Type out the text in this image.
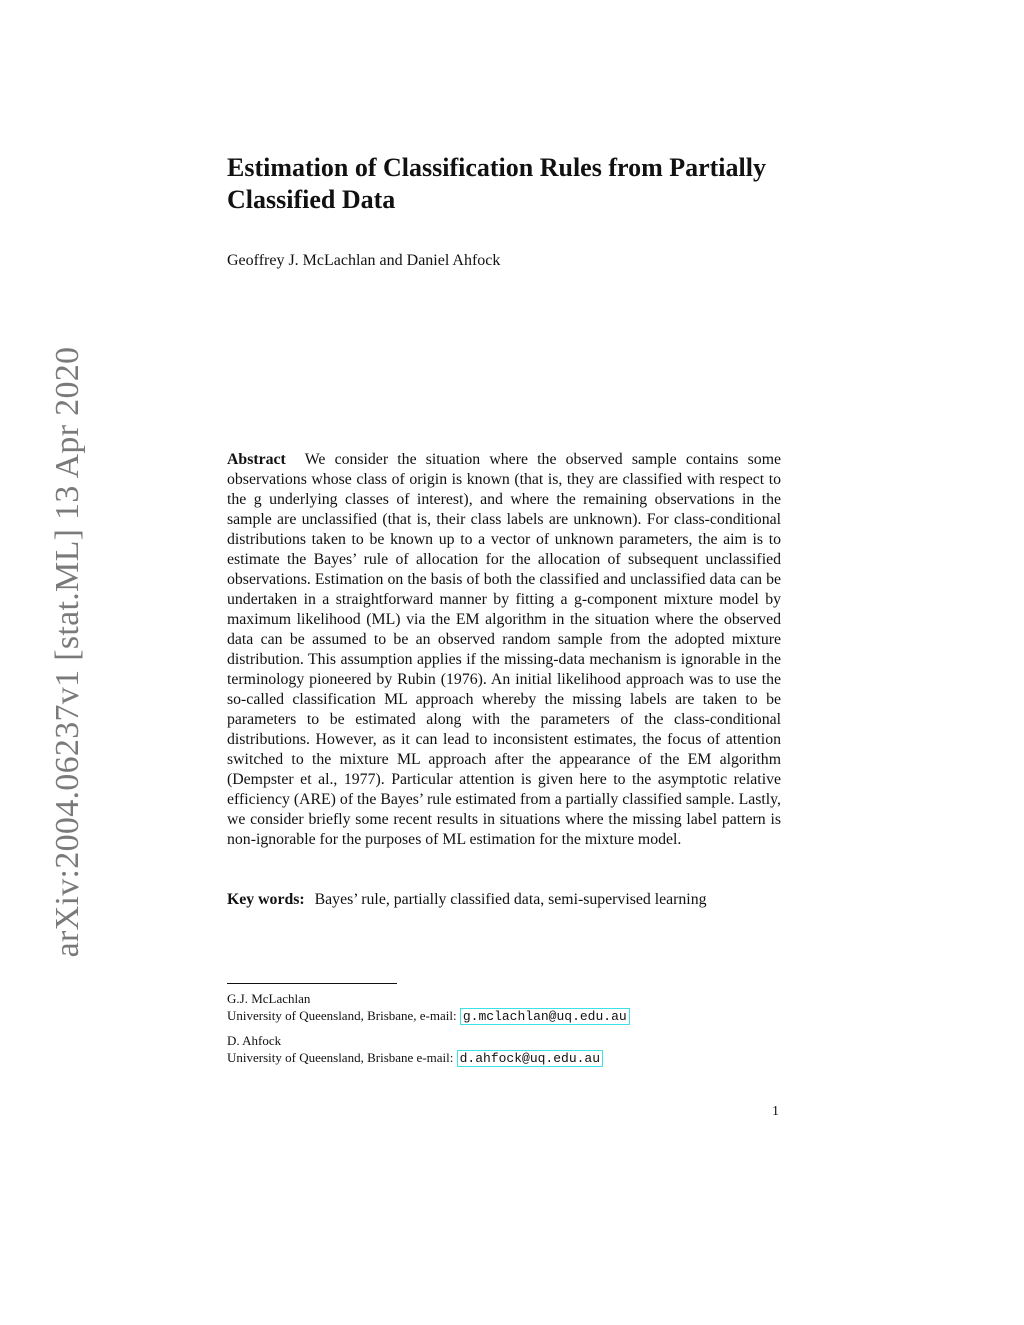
arXiv:2004.06237v1 [stat.ML] 13 Apr 2020
Estimation of Classification Rules from Partially Classified Data
Geoffrey J. McLachlan and Daniel Ahfock
Abstract We consider the situation where the observed sample contains some observations whose class of origin is known (that is, they are classified with respect to the g underlying classes of interest), and where the remaining observations in the sample are unclassified (that is, their class labels are unknown). For class-conditional distributions taken to be known up to a vector of unknown parameters, the aim is to estimate the Bayes’ rule of allocation for the allocation of subsequent unclassified observations. Estimation on the basis of both the classified and unclassified data can be undertaken in a straightforward manner by fitting a g-component mixture model by maximum likelihood (ML) via the EM algorithm in the situation where the observed data can be assumed to be an observed random sample from the adopted mixture distribution. This assumption applies if the missing-data mechanism is ignorable in the terminology pioneered by Rubin (1976). An initial likelihood approach was to use the so-called classification ML approach whereby the missing labels are taken to be parameters to be estimated along with the parameters of the class-conditional distributions. However, as it can lead to inconsistent estimates, the focus of attention switched to the mixture ML approach after the appearance of the EM algorithm (Dempster et al., 1977). Particular attention is given here to the asymptotic relative efficiency (ARE) of the Bayes’ rule estimated from a partially classified sample. Lastly, we consider briefly some recent results in situations where the missing label pattern is non-ignorable for the purposes of ML estimation for the mixture model.
Key words: Bayes’ rule, partially classified data, semi-supervised learning
G.J. McLachlan
University of Queensland, Brisbane, e-mail: g.mclachlan@uq.edu.au
D. Ahfock
University of Queensland, Brisbane e-mail: d.ahfock@uq.edu.au
1
